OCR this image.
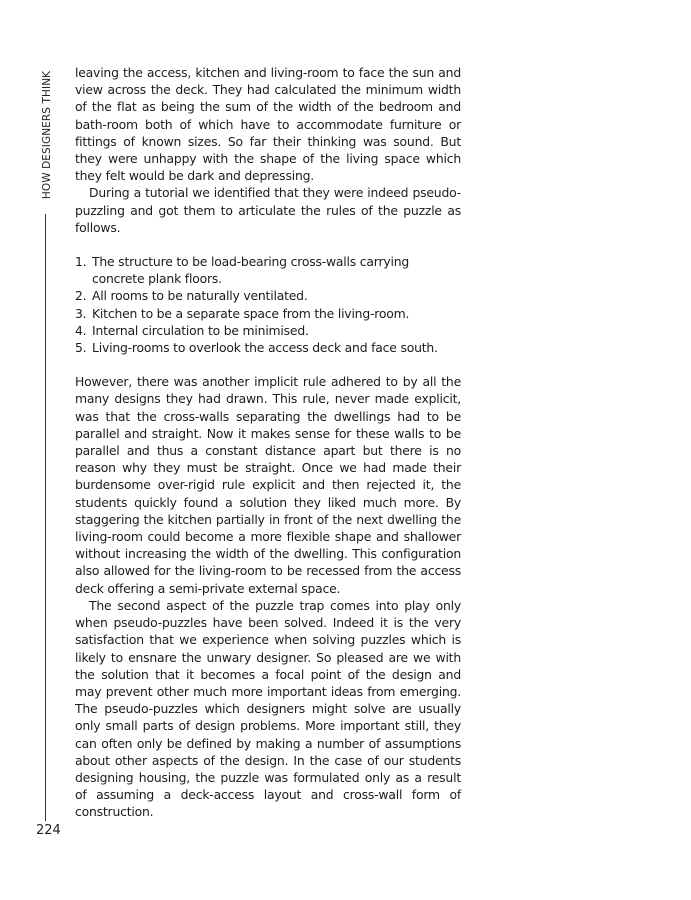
HOW DESIGNERS THINK
224

leaving the access, kitchen and living-room to face the sun and view across the deck. They had calculated the minimum width of the flat as being the sum of the width of the bedroom and bath-room both of which have to accommodate furniture or fittings of known sizes. So far their thinking was sound. But they were unhappy with the shape of the living space which they felt would be dark and depressing.

During a tutorial we identified that they were indeed pseudo-puzzling and got them to articulate the rules of the puzzle as follows.

1. The structure to be load-bearing cross-walls carrying concrete plank floors.
2. All rooms to be naturally ventilated.
3. Kitchen to be a separate space from the living-room.
4. Internal circulation to be minimised.
5. Living-rooms to overlook the access deck and face south.

However, there was another implicit rule adhered to by all the many designs they had drawn. This rule, never made explicit, was that the cross-walls separating the dwellings had to be parallel and straight. Now it makes sense for these walls to be parallel and thus a constant distance apart but there is no reason why they must be straight. Once we had made their burdensome over-rigid rule explicit and then rejected it, the students quickly found a solution they liked much more. By staggering the kitchen partially in front of the next dwelling the living-room could become a more flexible shape and shallower without increasing the width of the dwelling. This configuration also allowed for the living-room to be recessed from the access deck offering a semi-private external space.

The second aspect of the puzzle trap comes into play only when pseudo-puzzles have been solved. Indeed it is the very satisfaction that we experience when solving puzzles which is likely to ensnare the unwary designer. So pleased are we with the solution that it becomes a focal point of the design and may prevent other much more important ideas from emerging. The pseudo-puzzles which designers might solve are usually only small parts of design problems. More important still, they can often only be defined by making a number of assumptions about other aspects of the design. In the case of our students designing housing, the puzzle was formulated only as a result of assuming a deck-access layout and cross-wall form of construction.
